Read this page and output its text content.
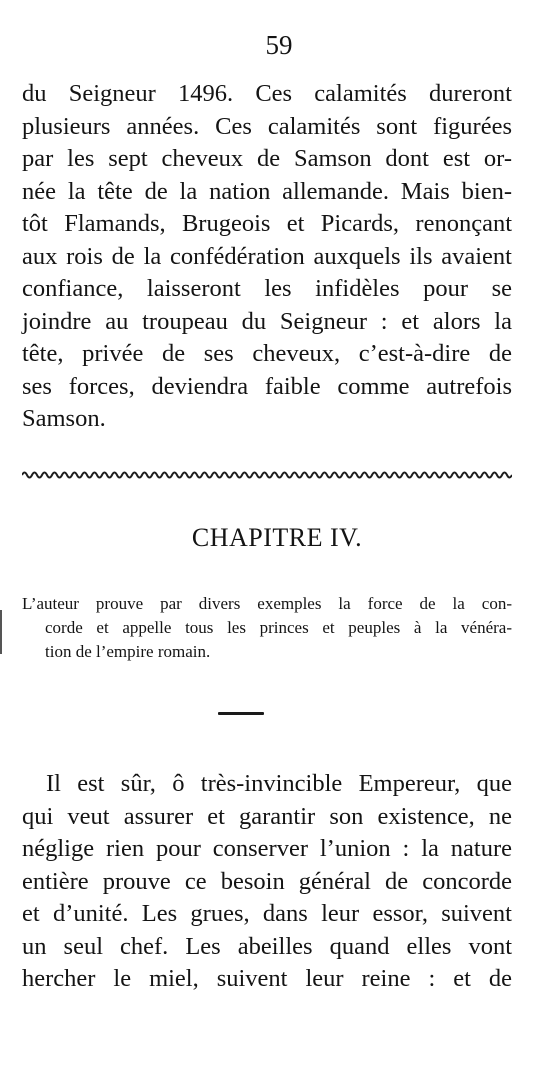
59
du Seigneur 1496. Ces calamités dureront
plusieurs années. Ces calamités sont figurées
par les sept cheveux de Samson dont est or-
née la tête de la nation allemande. Mais bien-
tôt Flamands, Brugeois et Picards, renonçant
aux rois de la confédération auxquels ils avaient
confiance, laisseront les infidèles pour se
joindre au troupeau du Seigneur : et alors la
tête, privée de ses cheveux, c’est-à-dire de
ses forces, deviendra faible comme autrefois
Samson.
CHAPITRE IV.
L’auteur prouve par divers exemples la force de la con-
corde et appelle tous les princes et peuples à la vénéra-
tion de l’empire romain.
Il est sûr, ô très-invincible Empereur, que
qui veut assurer et garantir son existence, ne
néglige rien pour conserver l’union : la nature
entière prouve ce besoin général de concorde
et d’unité. Les grues, dans leur essor, suivent
un seul chef. Les abeilles quand elles vont
hercher le miel, suivent leur reine : et de
